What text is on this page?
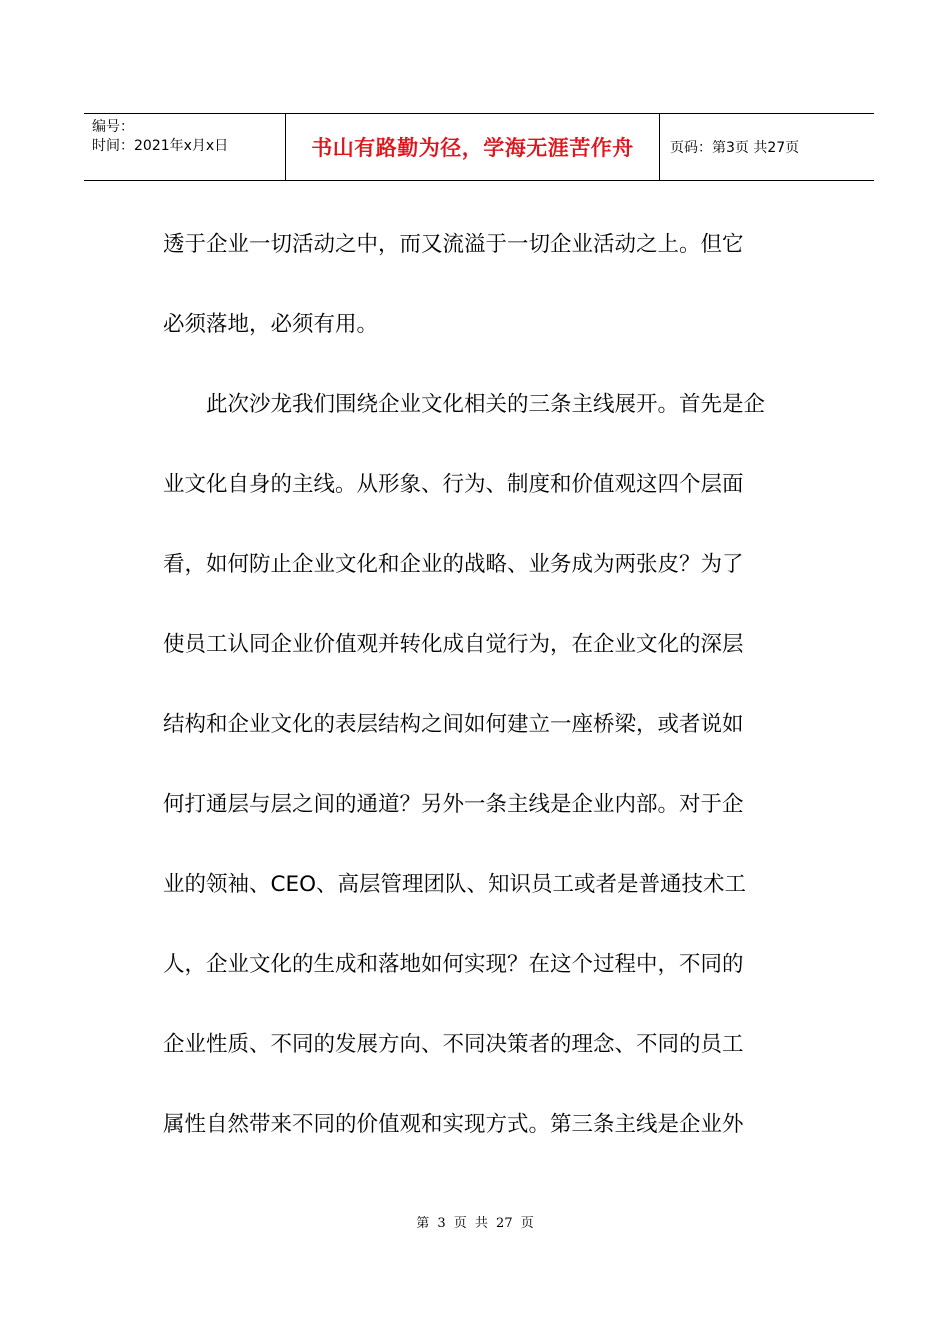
编号：
时间：2021年x月x日	书山有路勤为径，学海无涯苦作舟	页码：第3页 共27页
透于企业一切活动之中，而又流溢于一切企业活动之上。但它
必须落地，必须有用。
　　此次沙龙我们围绕企业文化相关的三条主线展开。首先是企
业文化自身的主线。从形象、行为、制度和价值观这四个层面
看，如何防止企业文化和企业的战略、业务成为两张皮？为了
使员工认同企业价值观并转化成自觉行为，在企业文化的深层
结构和企业文化的表层结构之间如何建立一座桥梁，或者说如
何打通层与层之间的通道？另外一条主线是企业内部。对于企
业的领袖、CEO、高层管理团队、知识员工或者是普通技术工
人，企业文化的生成和落地如何实现？在这个过程中，不同的
企业性质、不同的发展方向、不同决策者的理念、不同的员工
属性自然带来不同的价值观和实现方式。第三条主线是企业外
第 3 页 共 27 页
